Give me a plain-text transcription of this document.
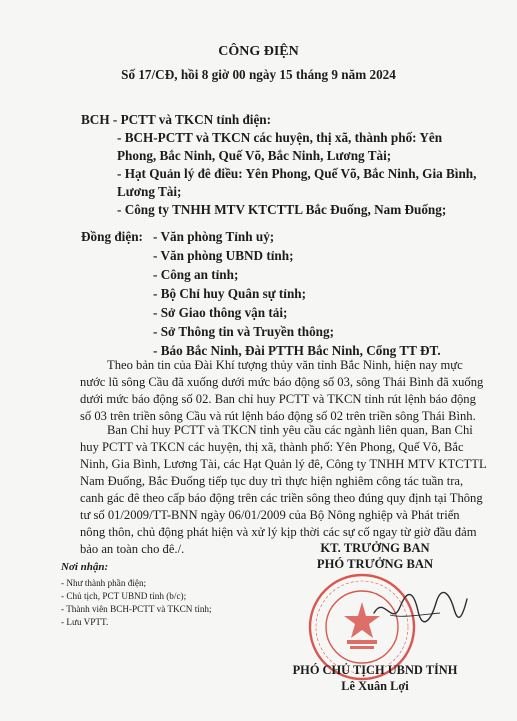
CÔNG ĐIỆN
Số 17/CĐ, hồi 8 giờ 00 ngày 15 tháng 9 năm 2024
BCH - PCTT và TKCN tỉnh điện:
- BCH-PCTT và TKCN các huyện, thị xã, thành phố: Yên
Phong, Bắc Ninh, Quế Võ, Bắc Ninh, Lương Tài;
- Hạt Quản lý đê điều: Yên Phong, Quế Võ, Bắc Ninh, Gia Bình,
Lương Tài;
- Công ty TNHH MTV KTCTTL Bắc Đuống, Nam Đuống;
Đồng điện: - Văn phòng Tỉnh uỷ;
- Văn phòng UBND tỉnh;
- Công an tỉnh;
- Bộ Chỉ huy Quân sự tỉnh;
- Sở Giao thông vận tải;
- Sở Thông tin và Truyền thông;
- Báo Bắc Ninh, Đài PTTH Bắc Ninh, Cổng TT ĐT.
Theo bản tin của Đài Khí tượng thủy văn tỉnh Bắc Ninh, hiện nay mực
nước lũ sông Cầu đã xuống dưới mức báo động số 03, sông Thái Bình đã xuống
dưới mức báo động số 02. Ban chỉ huy PCTT và TKCN tỉnh rút lệnh báo động
số 03 trên triền sông Cầu và rút lệnh báo động số 02 trên triền sông Thái Bình.
Ban Chỉ huy PCTT và TKCN tỉnh yêu cầu các ngành liên quan, Ban Chỉ
huy PCTT và TKCN các huyện, thị xã, thành phố: Yên Phong, Quế Võ, Bắc
Ninh, Gia Bình, Lương Tài, các Hạt Quản lý đê, Công ty TNHH MTV KTCTTL
Nam Đuống, Bắc Đuống tiếp tục duy trì thực hiện nghiêm công tác tuần tra,
canh gác đê theo cấp báo động trên các triền sông theo đúng quy định tại Thông
tư số 01/2009/TT-BNN ngày 06/01/2009 của Bộ Nông nghiệp và Phát triển
nông thôn, chủ động phát hiện và xử lý kịp thời các sự cố ngay từ giờ đầu đảm
bảo an toàn cho đê./.
Nơi nhận:
- Như thành phần điện;
- Chủ tịch, PCT UBND tỉnh (b/c);
- Thành viên BCH-PCTT và TKCN tỉnh;
- Lưu VPTT.
KT. TRƯỞNG BAN
PHÓ TRƯỞNG BAN
PHÓ CHỦ TỊCH UBND TỈNH
Lê Xuân Lợi
